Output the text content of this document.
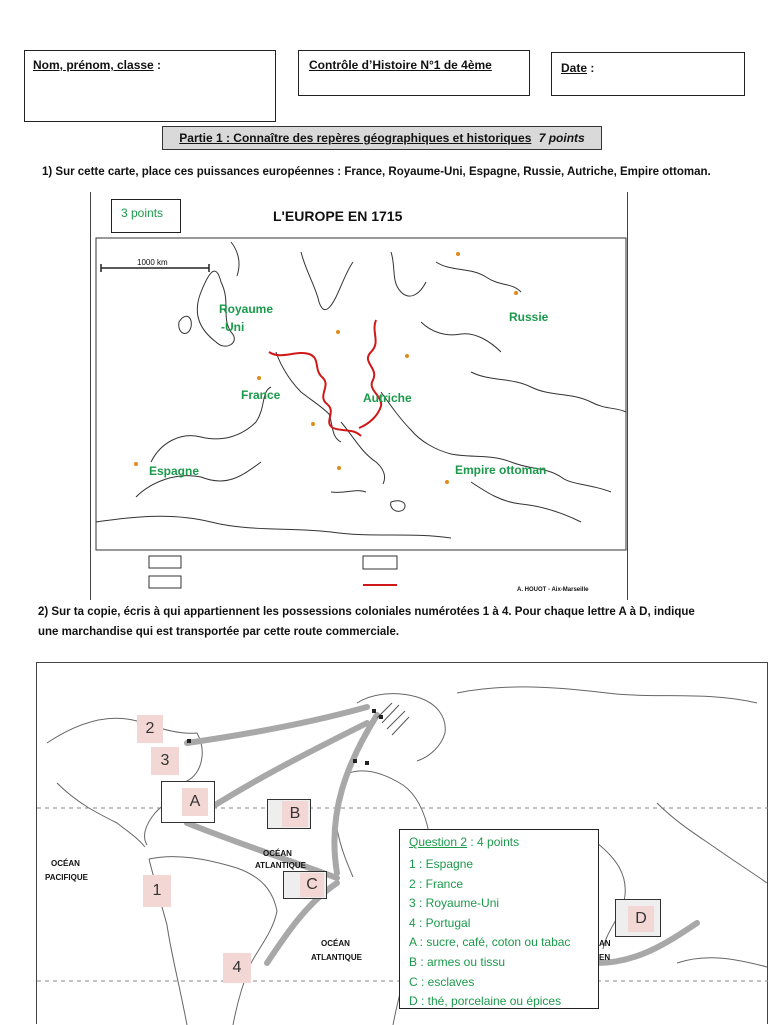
Nom, prénom, classe :	Contrôle d’Histoire N°1 de 4ème	Date :
Partie 1 : Connaître des repères géographiques et historiques 7 points
1) Sur cette carte, place ces puissances européennes : France, Royaume-Uni, Espagne, Russie, Autriche, Empire ottoman.
3 points	L'EUROPE EN 1715
1000 km
Royaume
-Uni
Russie
France	Autriche
Espagne	Empire ottoman
A. HOUOT - Aix-Marseille
2) Sur ta copie, écris à qui appartiennent les possessions coloniales numérotées 1 à 4. Pour chaque lettre A à D, indique
une marchandise qui est transportée par cette route commerciale.
OCÉAN
PACIFIQUE
OCÉAN
ATLANTIQUE
OCÉAN
ATLANTIQUE
AN
EN
2
3
A
B
C
1
4
D
Question 2 : 4 points
1 : Espagne
2 : France
3 : Royaume-Uni
4 : Portugal
A : sucre, café, coton ou tabac
B : armes ou tissu
C : esclaves
D : thé, porcelaine ou épices
